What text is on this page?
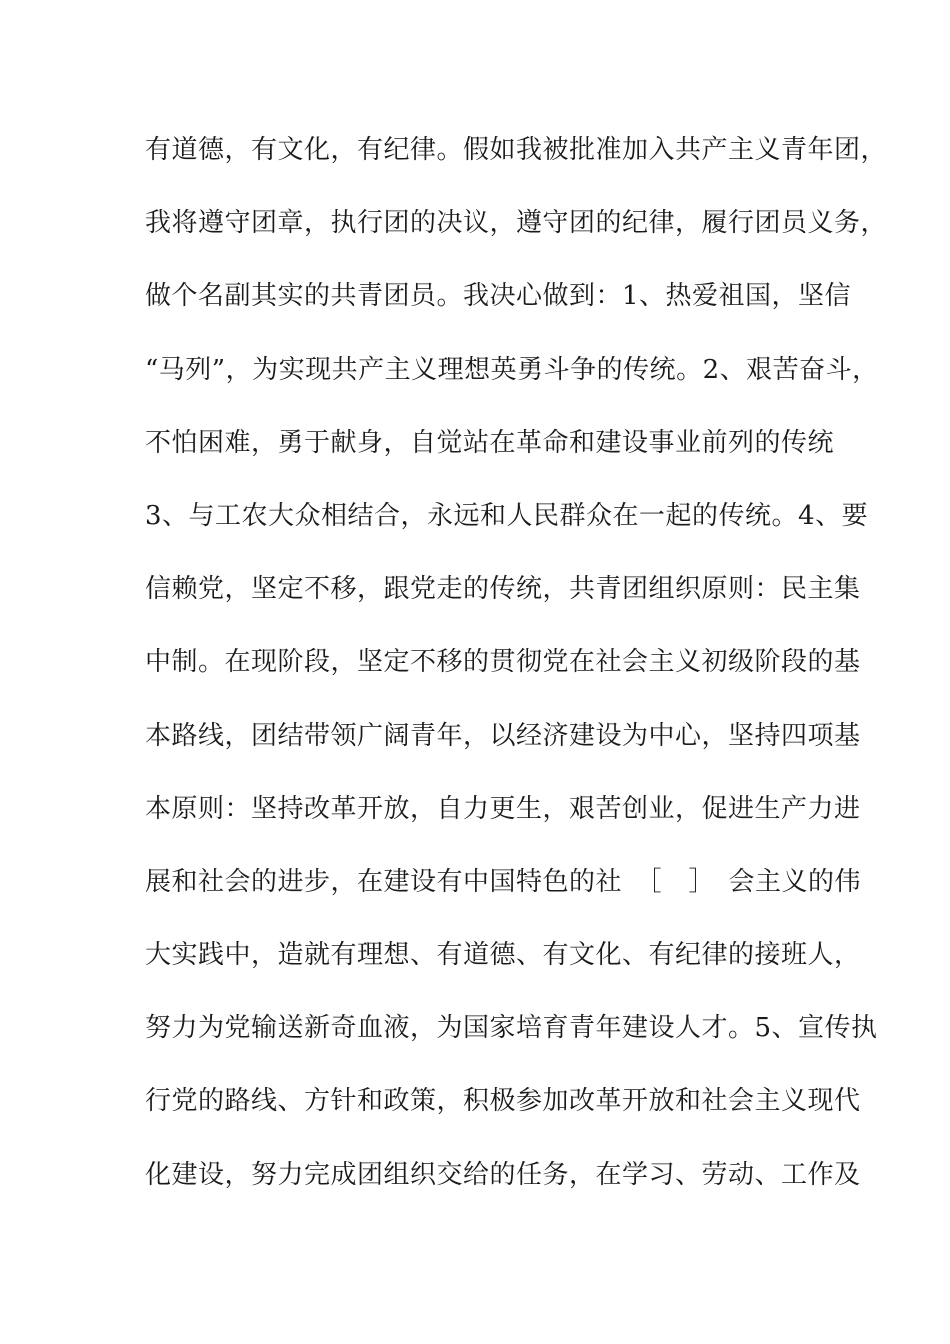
有道德，有文化，有纪律。假如我被批准加入共产主义青年团，
我将遵守团章，执行团的决议，遵守团的纪律，履行团员义务，
做个名副其实的共青团员。我决心做到：1、热爱祖国，坚信
“马列”，为实现共产主义理想英勇斗争的传统。2、艰苦奋斗，
不怕困难，勇于献身，自觉站在革命和建设事业前列的传统
3、与工农大众相结合，永远和人民群众在一起的传统。4、要
信赖党，坚定不移，跟党走的传统，共青团组织原则：民主集
中制。在现阶段，坚定不移的贯彻党在社会主义初级阶段的基
本路线，团结带领广阔青年，以经济建设为中心，坚持四项基
本原则：坚持改革开放，自力更生，艰苦创业，促进生产力进
展和社会的进步，在建设有中国特色的社　［　］　会主义的伟
大实践中，造就有理想、有道德、有文化、有纪律的接班人，
努力为党输送新奇血液，为国家培育青年建设人才。5、宣传执
行党的路线、方针和政策，积极参加改革开放和社会主义现代
化建设，努力完成团组织交给的任务，在学习、劳动、工作及
